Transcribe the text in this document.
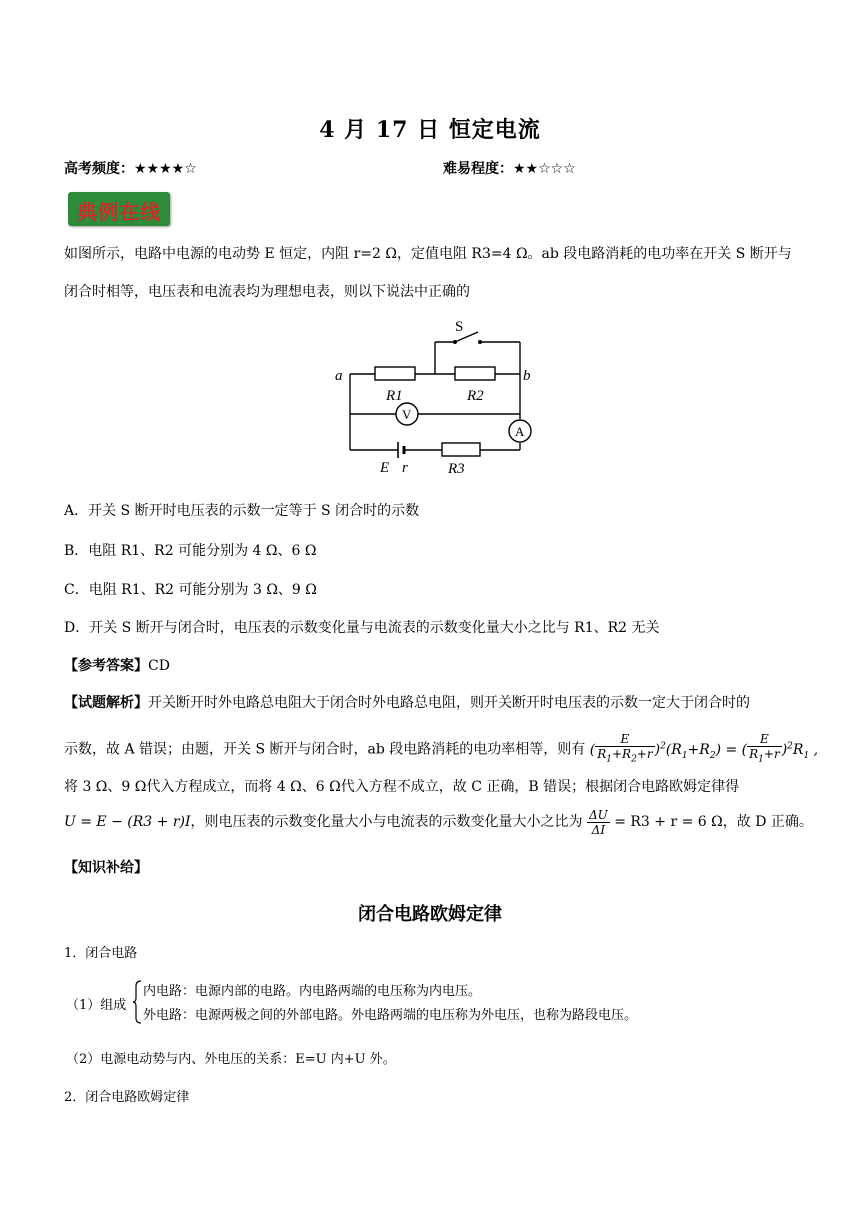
4 月 17 日 恒定电流
高考频度：★★★★☆	难易程度：★★☆☆☆
典例在线
如图所示，电路中电源的电动势 E 恒定，内阻 r=2 Ω，定值电阻 R3=4 Ω。ab 段电路消耗的电功率在开关 S 断开与
闭合时相等，电压表和电流表均为理想电表，则以下说法中正确的
S
a	b
R1	R2
V
A
E r	R3
A．开关 S 断开时电压表的示数一定等于 S 闭合时的示数
B．电阻 R1、R2 可能分别为 4 Ω、6 Ω
C．电阻 R1、R2 可能分别为 3 Ω、9 Ω
D．开关 S 断开与闭合时，电压表的示数变化量与电流表的示数变化量大小之比与 R1、R2 无关
【参考答案】CD
【试题解析】开关断开时外电路总电阻大于闭合时外电路总电阻，则开关断开时电压表的示数一定大于闭合时的
示数，故 A 错误；由题，开关 S 断开与闭合时，ab 段电路消耗的电功率相等，则有 ( $\frac{E}{R_1+R_2+r} )^2(R_1+R_2)$ = ( $\frac{E}{R_1+r} )^2R_1$ ,
将 3 Ω、9 Ω代入方程成立，而将 4 Ω、6 Ω代入方程不成立，故 C 正确，B 错误；根据闭合电路欧姆定律得
U = E − (R3 + r)I，则电压表的示数变化量大小与电流表的示数变化量大小之比为 $\frac{\Delta U}{\Delta I} = R3 + r = 6$ Ω，故 D 正确。
【知识补给】
闭合电路欧姆定律
1．闭合电路
（1）组成
内电路：电源内部的电路。内电路两端的电压称为内电压。
外电路：电源两极之间的外部电路。外电路两端的电压称为外电压，也称为路段电压。
（2）电源电动势与内、外电压的关系：E=U 内+U 外。
2．闭合电路欧姆定律
